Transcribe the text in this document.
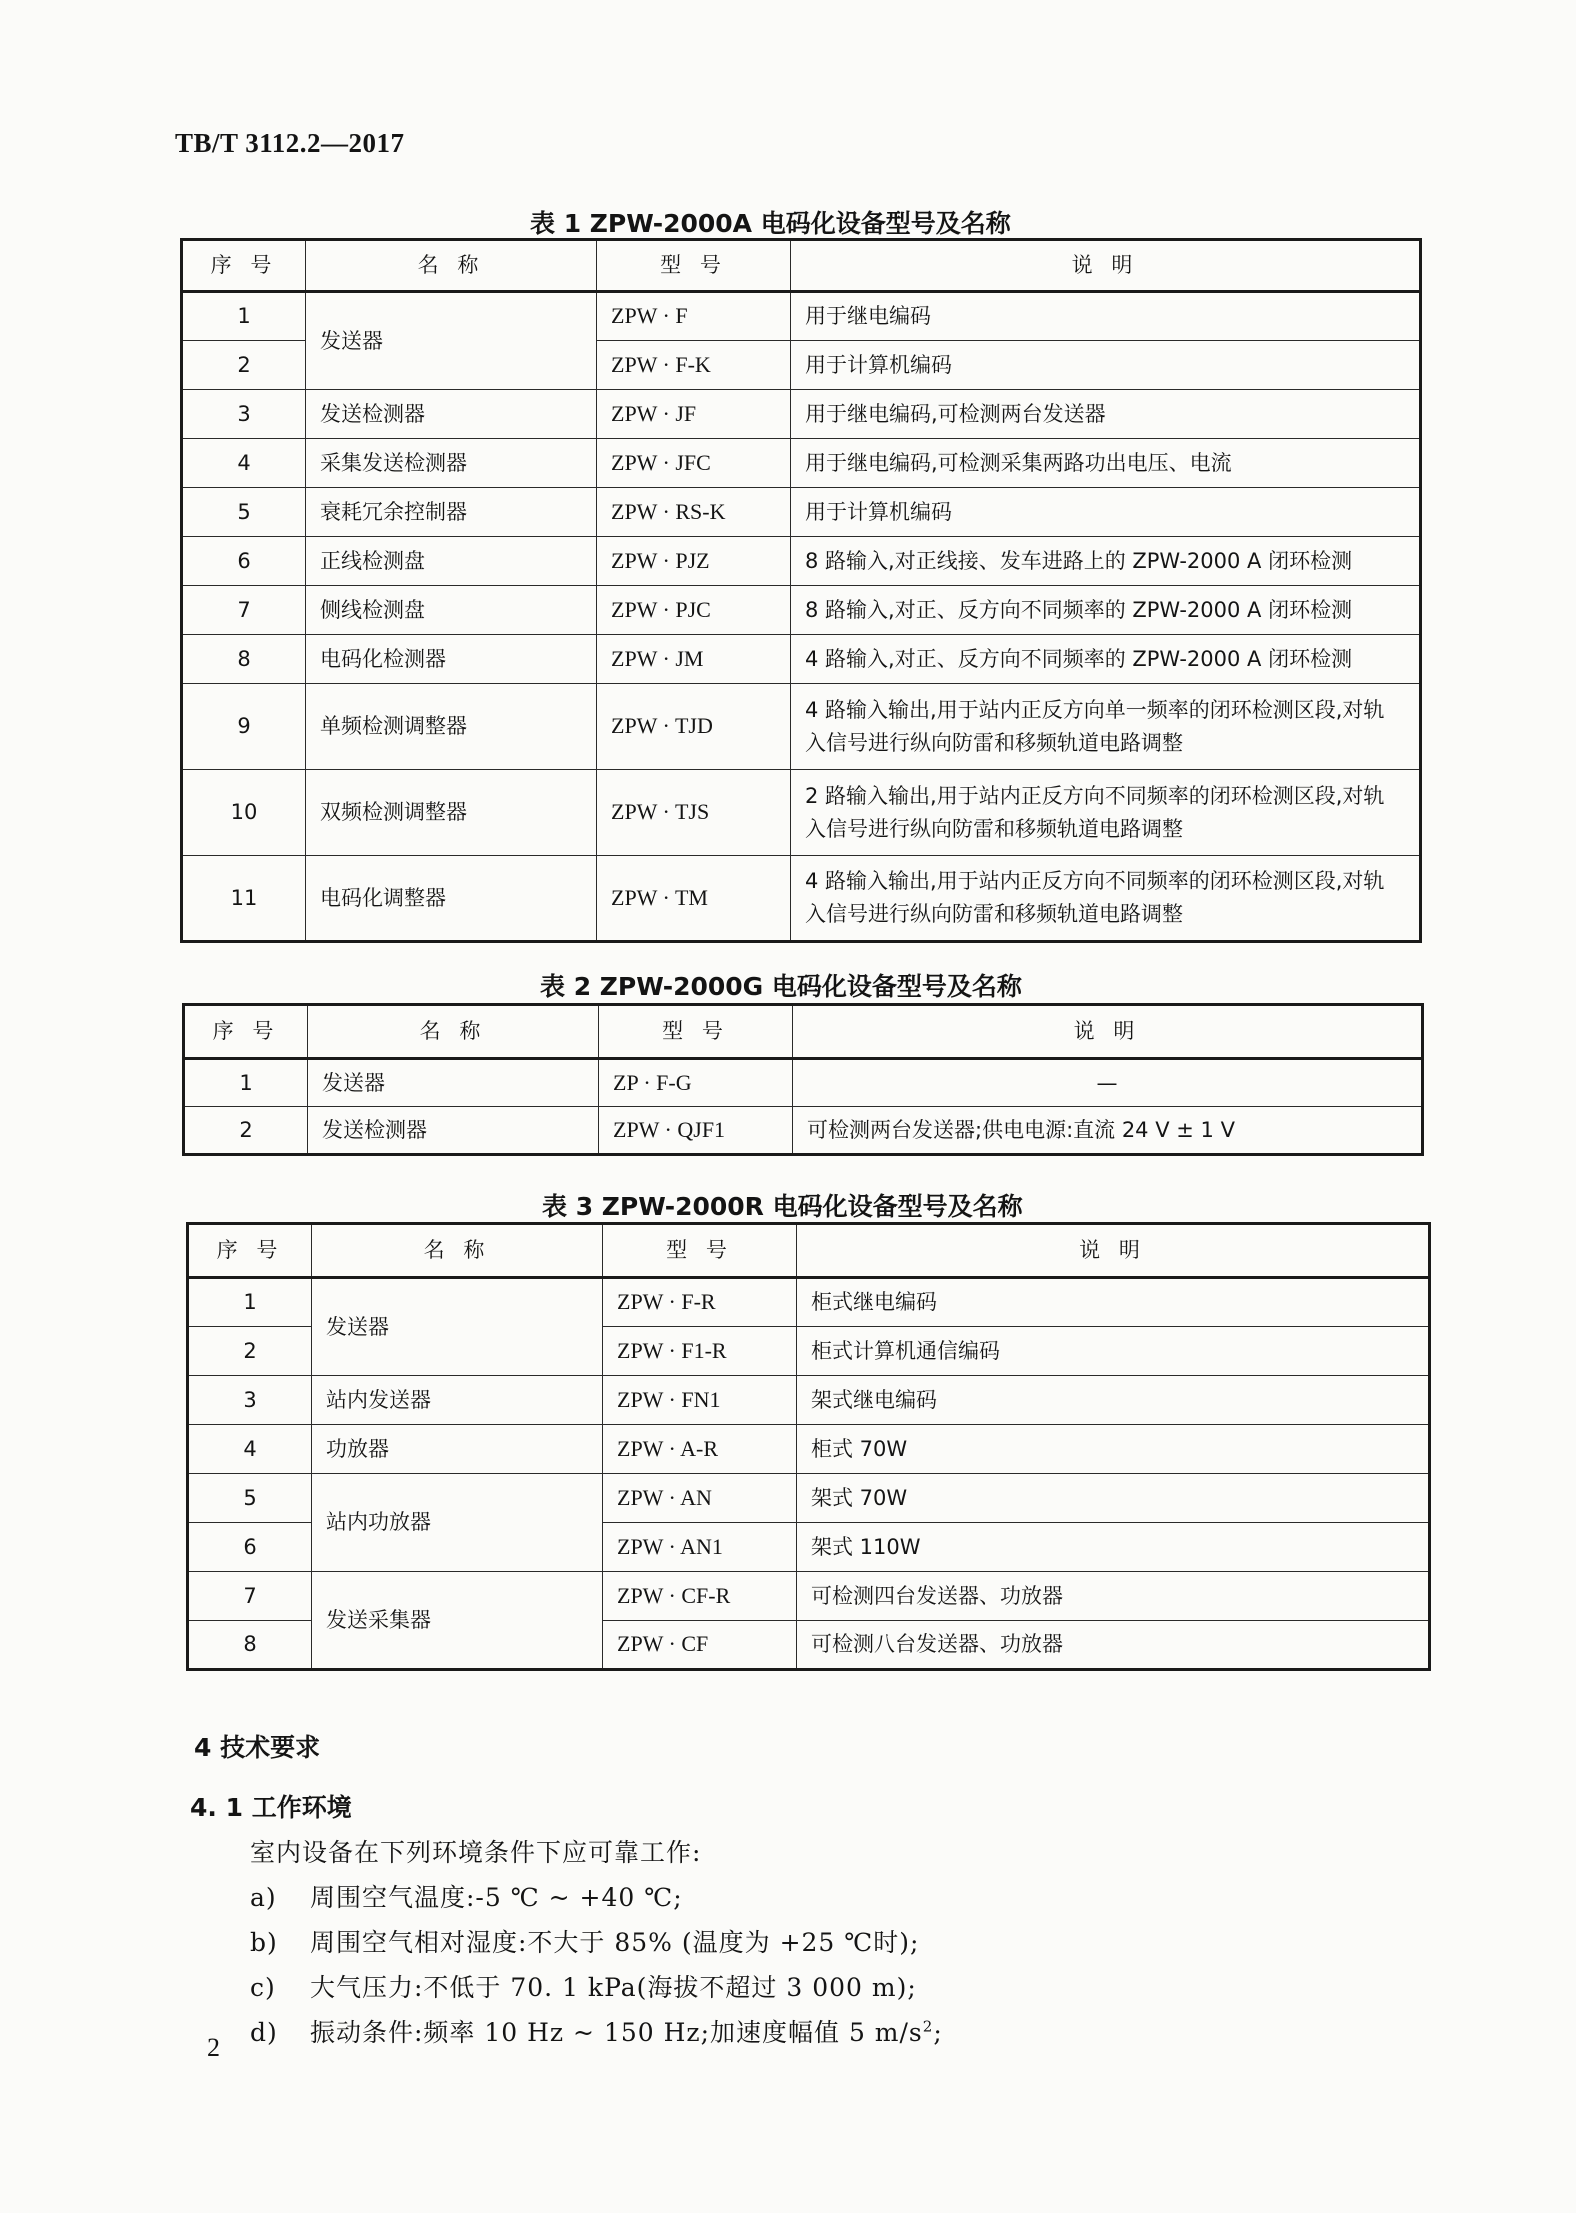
TB/T 3112.2—2017
表 1 ZPW-2000A 电码化设备型号及名称
序 号	名 称	型 号	说 明
1	发送器	ZPW · F	用于继电编码
2		ZPW · F-K	用于计算机编码
3	发送检测器	ZPW · JF	用于继电编码,可检测两台发送器
4	采集发送检测器	ZPW · JFC	用于继电编码,可检测采集两路功出电压、电流
5	衰耗冗余控制器	ZPW · RS-K	用于计算机编码
6	正线检测盘	ZPW · PJZ	8 路输入,对正线接、发车进路上的 ZPW-2000 A 闭环检测
7	侧线检测盘	ZPW · PJC	8 路输入,对正、反方向不同频率的 ZPW-2000 A 闭环检测
8	电码化检测器	ZPW · JM	4 路输入,对正、反方向不同频率的 ZPW-2000 A 闭环检测
9	单频检测调整器	ZPW · TJD	4 路输入输出,用于站内正反方向单一频率的闭环检测区段,对轨入信号进行纵向防雷和移频轨道电路调整
10	双频检测调整器	ZPW · TJS	2 路输入输出,用于站内正反方向不同频率的闭环检测区段,对轨入信号进行纵向防雷和移频轨道电路调整
11	电码化调整器	ZPW · TM	4 路输入输出,用于站内正反方向不同频率的闭环检测区段,对轨入信号进行纵向防雷和移频轨道电路调整
表 2 ZPW-2000G 电码化设备型号及名称
序 号	名 称	型 号	说 明
1	发送器	ZP · F-G	—
2	发送检测器	ZPW · QJF1	可检测两台发送器;供电电源:直流 24 V ± 1 V
表 3 ZPW-2000R 电码化设备型号及名称
序 号	名 称	型 号	说 明
1	发送器	ZPW · F-R	柜式继电编码
2		ZPW · F1-R	柜式计算机通信编码
3	站内发送器	ZPW · FN1	架式继电编码
4	功放器	ZPW · A-R	柜式 70W
5	站内功放器	ZPW · AN	架式 70W
6		ZPW · AN1	架式 110W
7	发送采集器	ZPW · CF-R	可检测四台发送器、功放器
8		ZPW · CF	可检测八台发送器、功放器
4 技术要求
4. 1 工作环境
室内设备在下列环境条件下应可靠工作:
a) 周围空气温度:-5 ℃ ~ +40 ℃;
b) 周围空气相对湿度:不大于 85% (温度为 +25 ℃时);
c) 大气压力:不低于 70. 1 kPa(海拔不超过 3 000 m);
d) 振动条件:频率 10 Hz ~ 150 Hz;加速度幅值 5 $m/s^2$;
2
